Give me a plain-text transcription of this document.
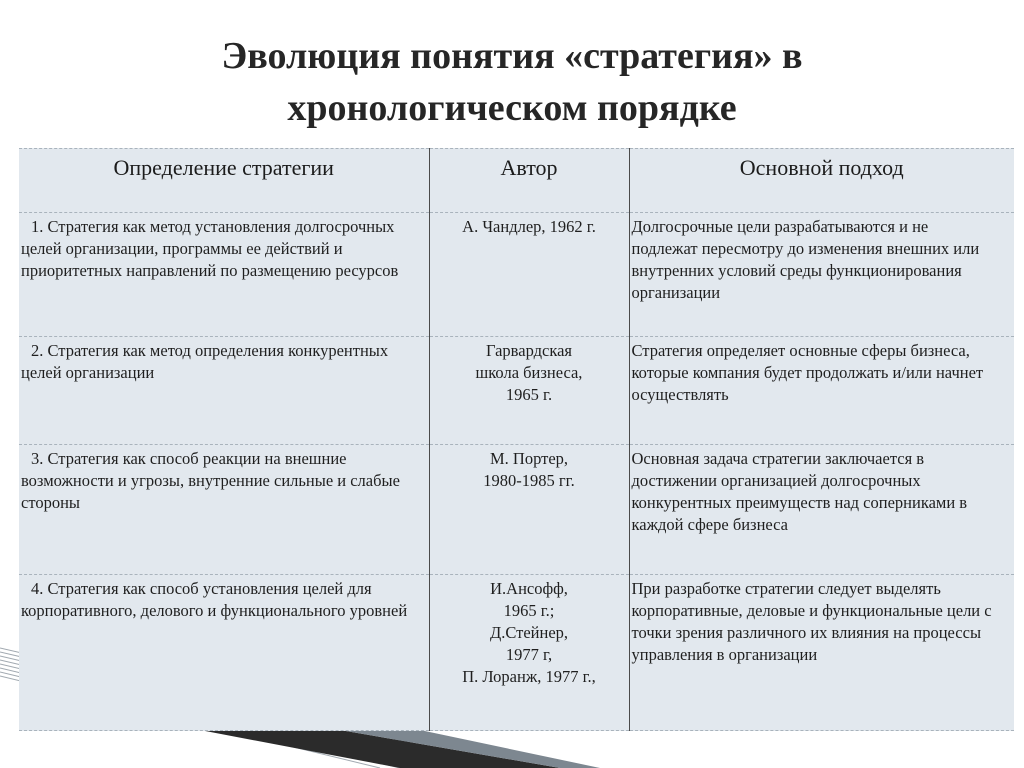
Эволюция понятия «стратегия» в
хронологическом порядке
Определение стратегии	Автор	Основной подход
1. Стратегия как метод установления долгосрочных целей организации, программы ее действий и приоритетных направлений по размещению ресурсов	А. Чандлер, 1962 г.	Долгосрочные цели разрабатываются и не подлежат пересмотру до изменения внешних или внутренних условий среды функционирования организации
2. Стратегия как метод определения конкурентных целей организации	Гарвардская
школа бизнеса,
1965 г.	Стратегия определяет основные сферы бизнеса, которые компания будет продолжать и/или начнет осуществлять
3. Стратегия как способ реакции на внешние возможности и угрозы, внутренние сильные и слабые стороны	М. Портер,
1980-1985 гг.	Основная задача стратегии заключается в достижении организацией долгосрочных конкурентных преимуществ над соперниками в каждой сфере бизнеса
4. Стратегия как способ установления целей для корпоративного, делового и функционального уровней	И.Ансофф,
1965 г.;
Д.Стейнер,
1977 г,
П. Лоранж, 1977 г.,	При разработке стратегии следует выделять корпоративные, деловые и функциональные цели с точки зрения различного их влияния на процессы управления в организации
